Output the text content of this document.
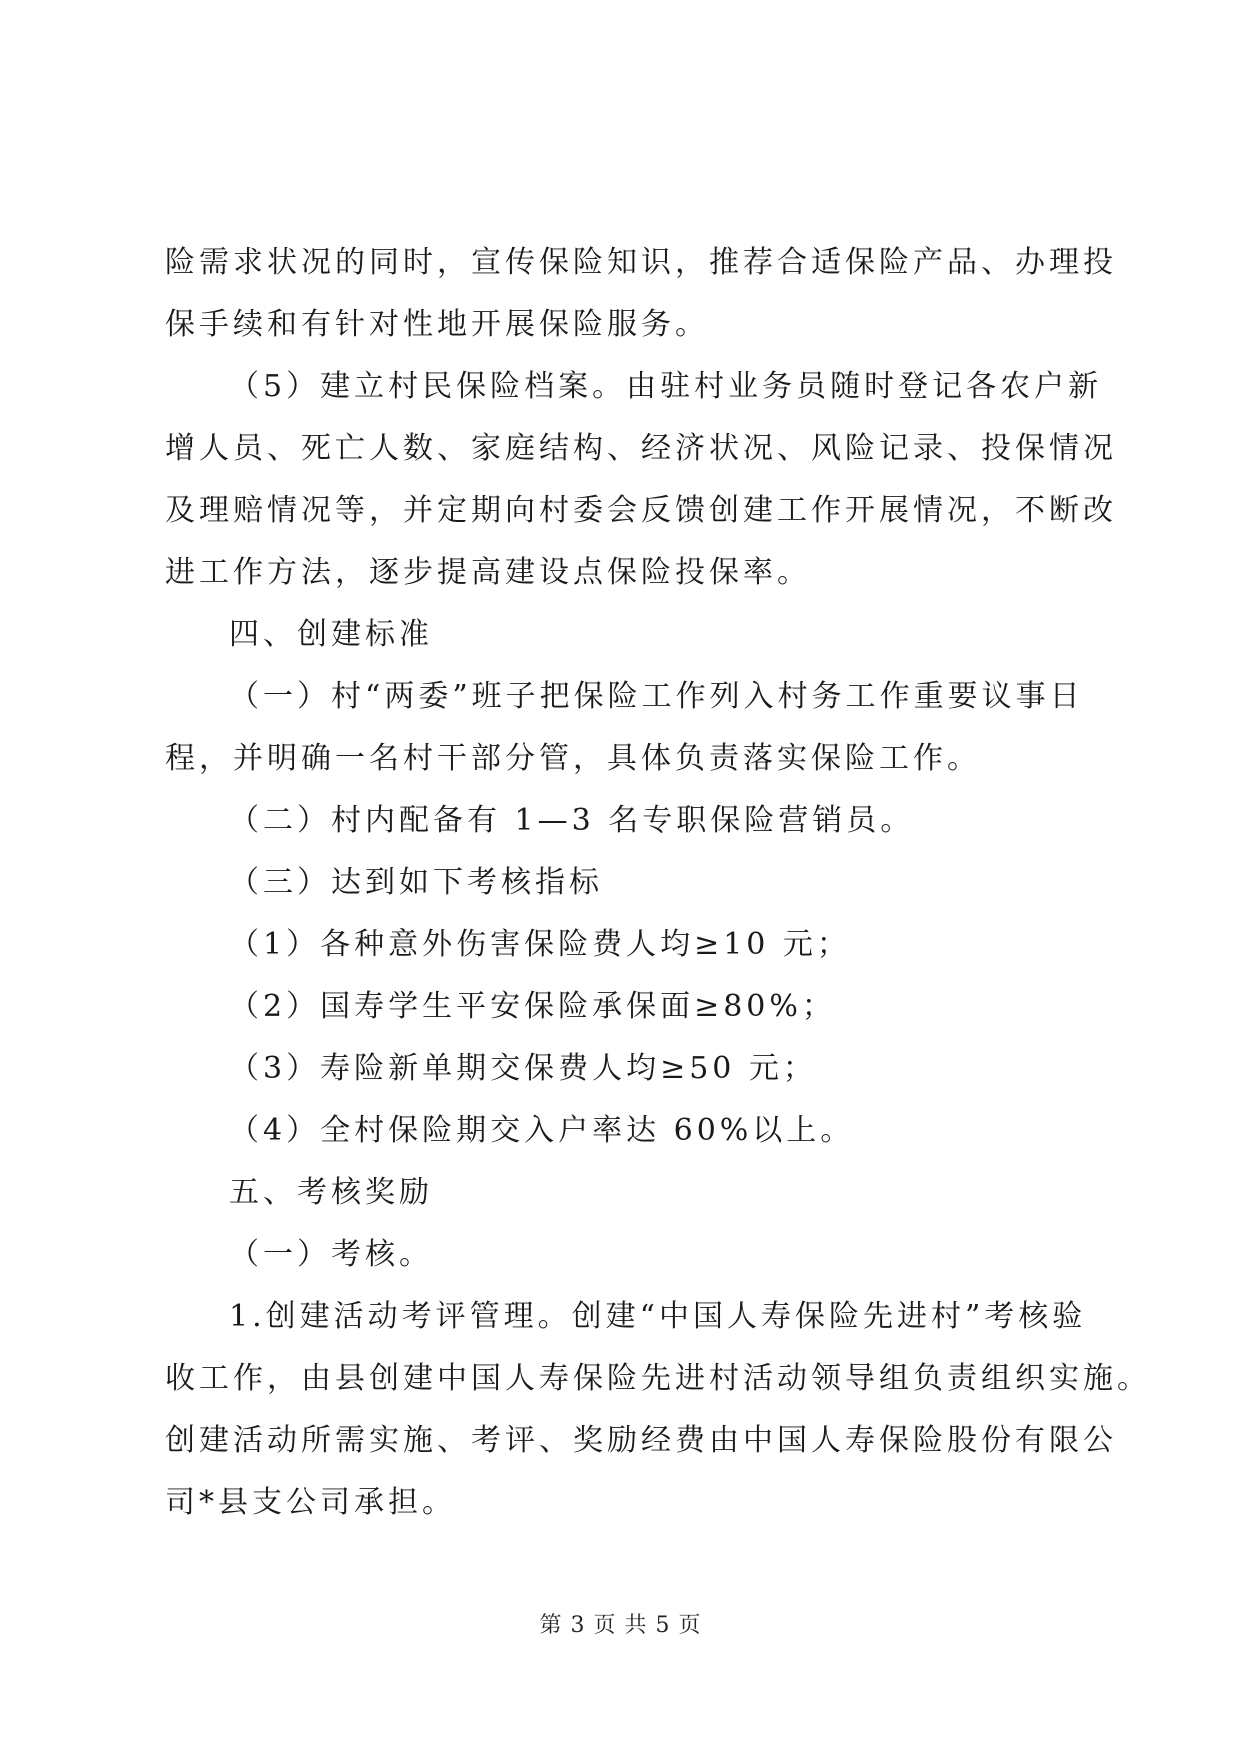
险需求状况的同时，宣传保险知识，推荐合适保险产品、办理投
保手续和有针对性地开展保险服务。
（5）建立村民保险档案。由驻村业务员随时登记各农户新
增人员、死亡人数、家庭结构、经济状况、风险记录、投保情况
及理赔情况等，并定期向村委会反馈创建工作开展情况，不断改
进工作方法，逐步提高建设点保险投保率。
四、创建标准
（一）村“两委”班子把保险工作列入村务工作重要议事日
程，并明确一名村干部分管，具体负责落实保险工作。
（二）村内配备有 1—3 名专职保险营销员。
（三）达到如下考核指标
（1）各种意外伤害保险费人均≥10 元；
（2）国寿学生平安保险承保面≥80%；
（3）寿险新单期交保费人均≥50 元；
（4）全村保险期交入户率达 60%以上。
五、考核奖励
（一）考核。
1.创建活动考评管理。创建“中国人寿保险先进村”考核验
收工作，由县创建中国人寿保险先进村活动领导组负责组织实施。
创建活动所需实施、考评、奖励经费由中国人寿保险股份有限公
司*县支公司承担。
第 3 页 共 5 页
